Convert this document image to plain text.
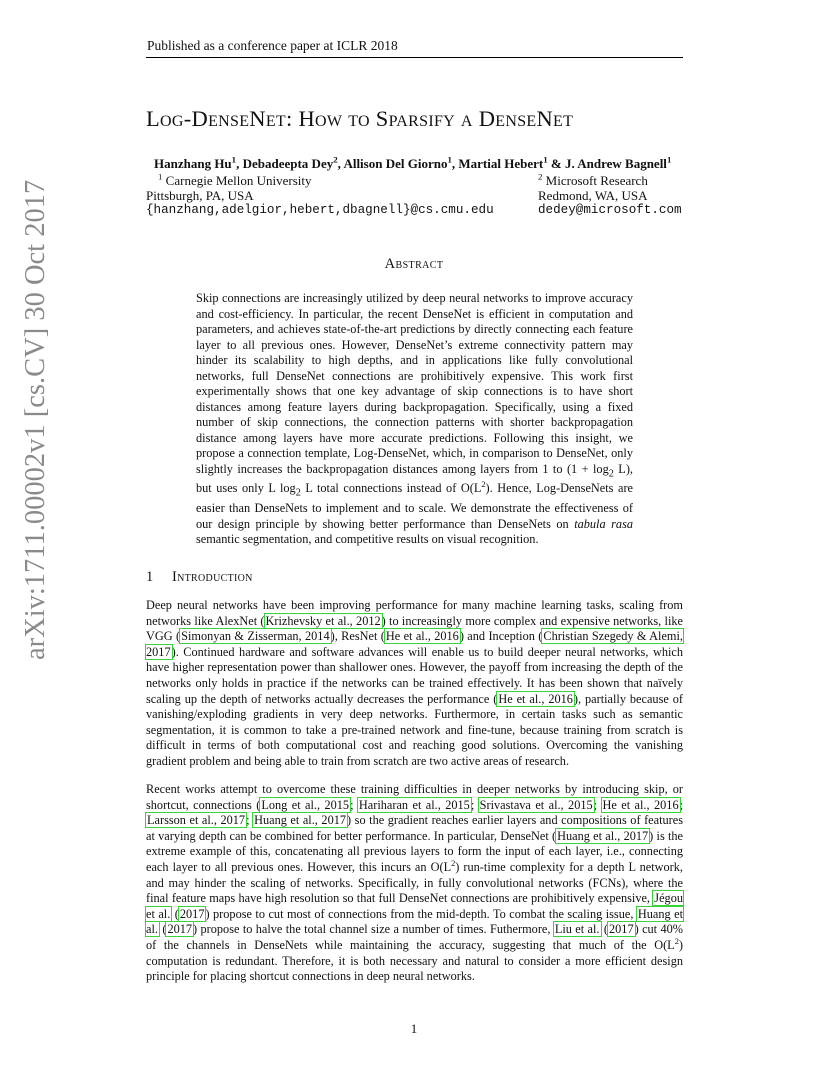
arXiv:1711.00002v1 [cs.CV] 30 Oct 2017
Published as a conference paper at ICLR 2018
Log-DenseNet: How to Sparsify a DenseNet
Hanzhang Hu$^1$, Debadeepta Dey$^2$, Allison Del Giorno$^1$, Martial Hebert$^1$ & J. Andrew Bagnell$^1$
$^1$ Carnegie Mellon University
Pittsburgh, PA, USA
{hanzhang,adelgior,hebert,dbagnell}@cs.cmu.edu
$^2$ Microsoft Research
Redmond, WA, USA
dedey@microsoft.com
Abstract
Skip connections are increasingly utilized by deep neural networks to improve accuracy and cost-efficiency. In particular, the recent DenseNet is efficient in computation and parameters, and achieves state-of-the-art predictions by directly connecting each feature layer to all previous ones. However, DenseNet’s extreme connectivity pattern may hinder its scalability to high depths, and in applications like fully convolutional networks, full DenseNet connections are prohibitively expensive. This work first experimentally shows that one key advantage of skip connections is to have short distances among feature layers during backpropagation. Specifically, using a fixed number of skip connections, the connection patterns with shorter backpropagation distance among layers have more accurate predictions. Following this insight, we propose a connection template, Log-DenseNet, which, in comparison to DenseNet, only slightly increases the backpropagation distances among layers from 1 to $(1 + \log_2 L)$, but uses only L $\log_2 L$ total connections instead of $O(L^2)$. Hence, Log-DenseNets are easier than DenseNets to implement and to scale. We demonstrate the effectiveness of our design principle by showing better performance than DenseNets on tabula rasa semantic segmentation, and competitive results on visual recognition.
1 Introduction
Deep neural networks have been improving performance for many machine learning tasks, scaling from networks like AlexNet (Krizhevsky et al., 2012) to increasingly more complex and expensive networks, like VGG (Simonyan & Zisserman, 2014), ResNet (He et al., 2016) and Inception (Christian Szegedy & Alemi, 2017). Continued hardware and software advances will enable us to build deeper neural networks, which have higher representation power than shallower ones. However, the payoff from increasing the depth of the networks only holds in practice if the networks can be trained effectively. It has been shown that naïvely scaling up the depth of networks actually decreases the performance (He et al., 2016), partially because of vanishing/exploding gradients in very deep networks. Furthermore, in certain tasks such as semantic segmentation, it is common to take a pre-trained network and fine-tune, because training from scratch is difficult in terms of both computational cost and reaching good solutions. Overcoming the vanishing gradient problem and being able to train from scratch are two active areas of research.
Recent works attempt to overcome these training difficulties in deeper networks by introducing skip, or shortcut, connections (Long et al., 2015; Hariharan et al., 2015; Srivastava et al., 2015; He et al., 2016; Larsson et al., 2017; Huang et al., 2017) so the gradient reaches earlier layers and compositions of features at varying depth can be combined for better performance. In particular, DenseNet (Huang et al., 2017) is the extreme example of this, concatenating all previous layers to form the input of each layer, i.e., connecting each layer to all previous ones. However, this incurs an $O(L^2)$ run-time complexity for a depth L network, and may hinder the scaling of networks. Specifically, in fully convolutional networks (FCNs), where the final feature maps have high resolution so that full DenseNet connections are prohibitively expensive, Jégou et al. (2017) propose to cut most of connections from the mid-depth. To combat the scaling issue, Huang et al. (2017) propose to halve the total channel size a number of times. Futhermore, Liu et al. (2017) cut 40% of the channels in DenseNets while maintaining the accuracy, suggesting that much of the $O(L^2)$ computation is redundant. Therefore, it is both necessary and natural to consider a more efficient design principle for placing shortcut connections in deep neural networks.
1
